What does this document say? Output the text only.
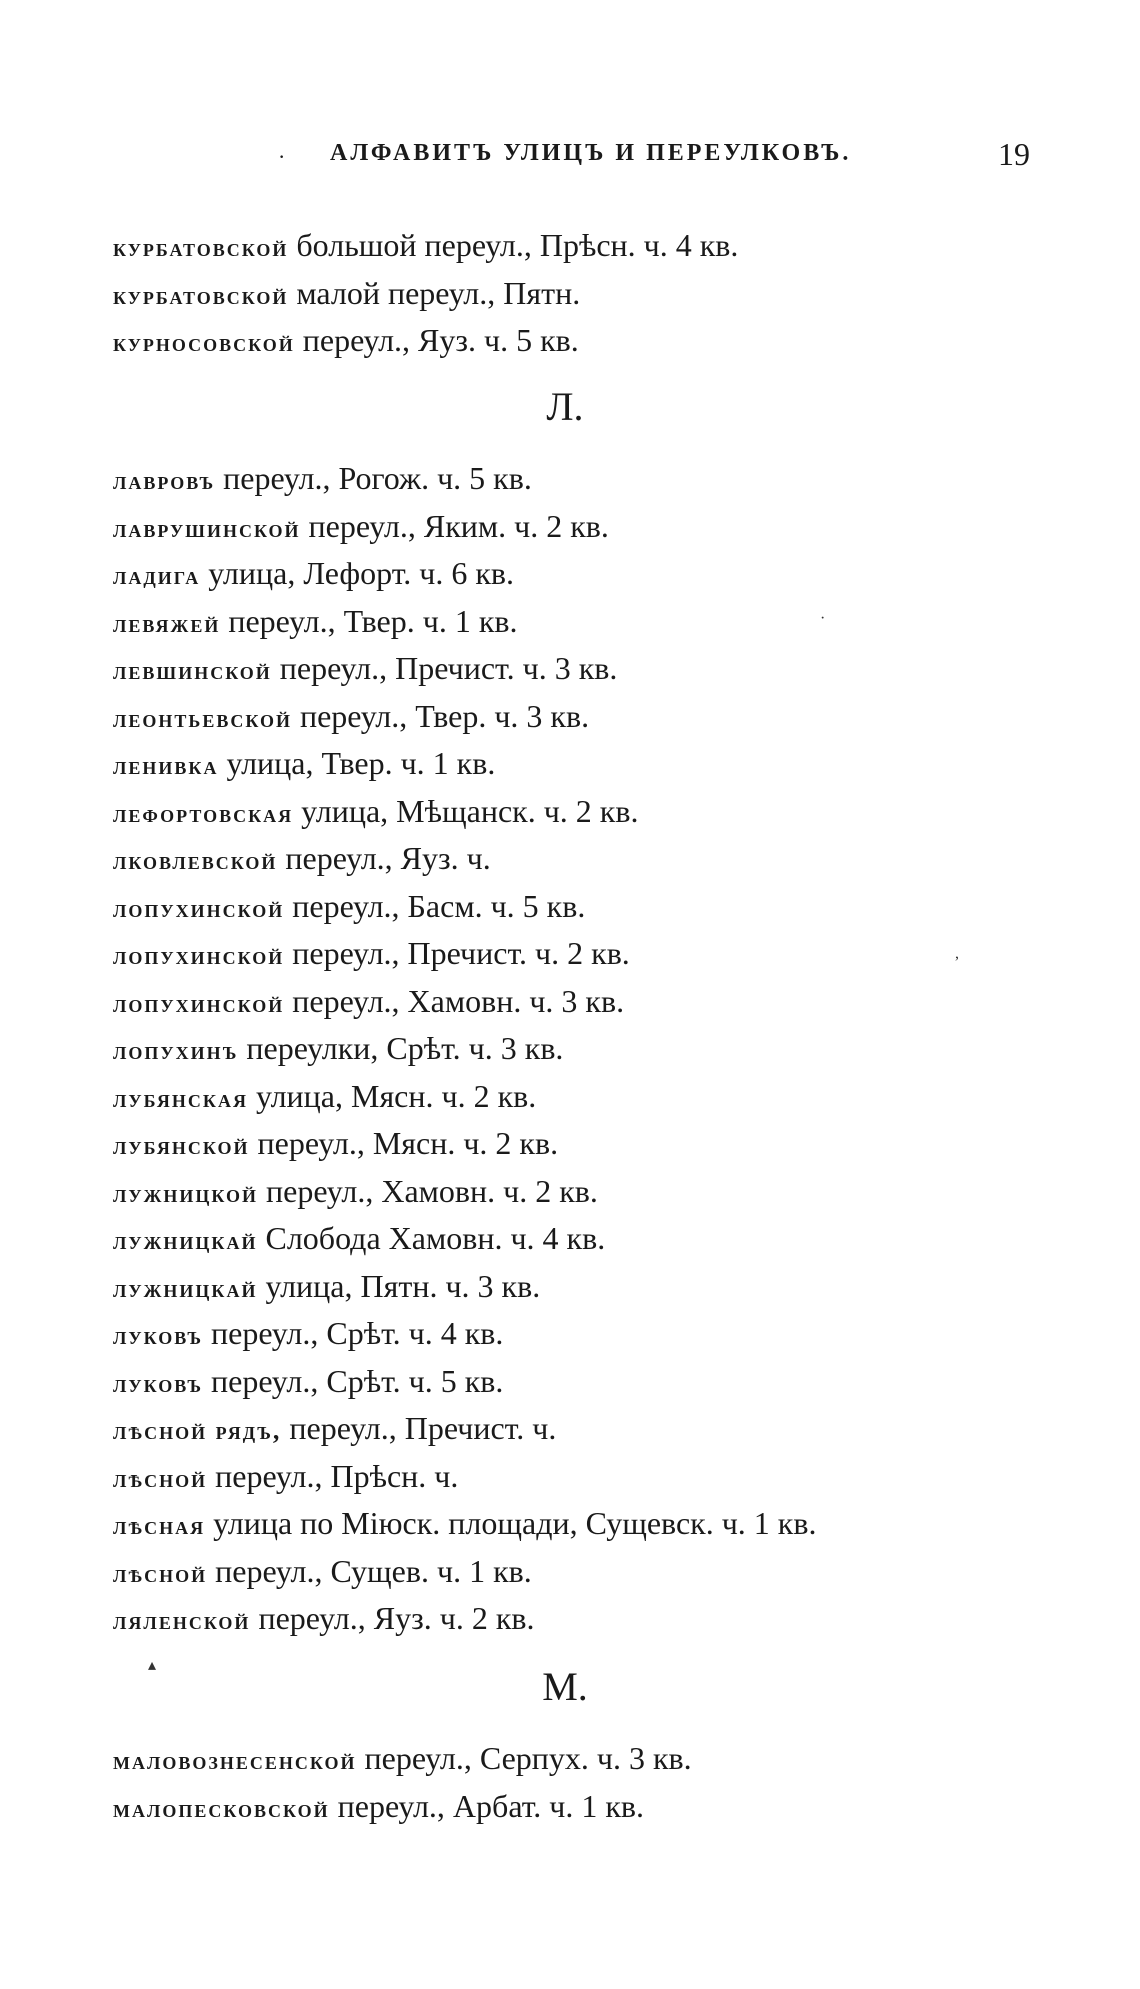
· АЛФАВИТЪ УЛИЦЪ И ПЕРЕУЛКОВЪ.	19
курбатовской большой переул., Прѣсн. ч. 4 кв.
курбатовской малой переул., Пятн.
курносовской переул., Яуз. ч. 5 кв.
Л.
лавровъ переул., Рогож. ч. 5 кв.
лаврушинской переул., Яким. ч. 2 кв.
ладига улица, Лефорт. ч. 6 кв.
левяжей переул., Твер. ч. 1 кв.
левшинской переул., Пречист. ч. 3 кв.
леонтьевской переул., Твер. ч. 3 кв.
ленивка улица, Твер. ч. 1 кв.
лефортовская улица, Мѣщанск. ч. 2 кв.
лковлевской переул., Яуз. ч.
лопухинской переул., Басм. ч. 5 кв.
лопухинской переул., Пречист. ч. 2 кв.
лопухинской переул., Хамовн. ч. 3 кв.
лопухинъ переулки, Срѣт. ч. 3 кв.
лубянская улица, Мясн. ч. 2 кв.
лубянской переул., Мясн. ч. 2 кв.
лужницкой переул., Хамовн. ч. 2 кв.
лужницкай Слобода Хамовн. ч. 4 кв.
лужницкай улица, Пятн. ч. 3 кв.
луковъ переул., Срѣт. ч. 4 кв.
луковъ переул., Срѣт. ч. 5 кв.
лѣсной рядъ, переул., Пречист. ч.
лѣсной переул., Прѣсн. ч.
лѣсная улица по Міюск. площади, Сущевск. ч. 1 кв.
лѣсной переул., Сущев. ч. 1 кв.
ляленской переул., Яуз. ч. 2 кв.
М.
маловознесенской переул., Серпух. ч. 3 кв.
малопесковской переул., Арбат. ч. 1 кв.
·
,
▴
